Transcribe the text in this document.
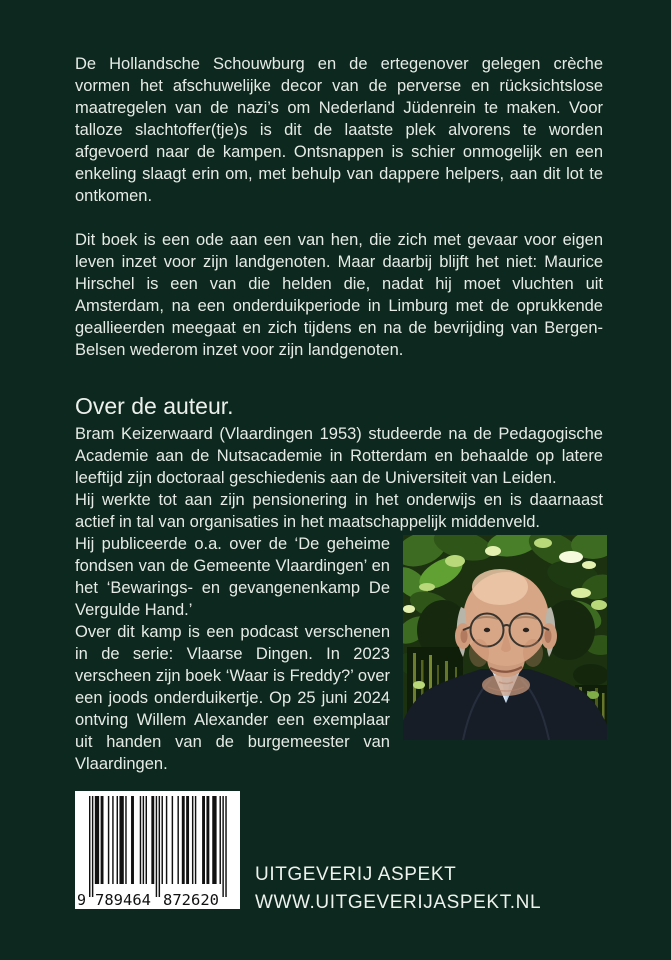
De Hollandsche Schouwburg en de ertegenover gelegen crèche vormen het afschuwelijke decor van de perverse en rücksichtslose maatregelen van de nazi’s om Nederland Jüdenrein te maken. Voor talloze slachtoffer(tje)s is dit de laatste plek alvorens te worden afgevoerd naar de kampen. Ontsnappen is schier onmogelijk en een enkeling slaagt erin om, met behulp van dappere helpers, aan dit lot te ontkomen.

Dit boek is een ode aan een van hen, die zich met gevaar voor eigen leven inzet voor zijn landgenoten. Maar daarbij blijft het niet: Maurice Hirschel is een van die helden die, nadat hij moet vluchten uit Amsterdam, na een onderduikperiode in Limburg met de oprukkende geallieerden meegaat en zich tijdens en na de bevrijding van Bergen-Belsen wederom inzet voor zijn landgenoten.

Over de auteur.

Bram Keizerwaard (Vlaardingen 1953) studeerde na de Pedagogische Academie aan de Nutsacademie in Rotterdam en behaalde op latere leeftijd zijn doctoraal geschiedenis aan de Universiteit van Leiden.

Hij werkte tot aan zijn pensionering in het onderwijs en is daarnaast actief in tal van organisaties in het maatschappelijk middenveld.

Hij publiceerde o.a. over de ‘De geheime fondsen van de Gemeente Vlaardingen’ en het ‘Bewarings- en gevangenenkamp De Vergulde Hand.’

Over dit kamp is een podcast verschenen in de serie: Vlaarse Dingen. In 2023 verscheen zijn boek ‘Waar is Freddy?’ over een joods onderduikertje. Op 25 juni 2024 ontving Willem Alexander een exemplaar uit handen van de burgemeester van Vlaardingen.

9 789464 872620
UITGEVERIJ ASPEKT
WWW.UITGEVERIJASPEKT.NL
